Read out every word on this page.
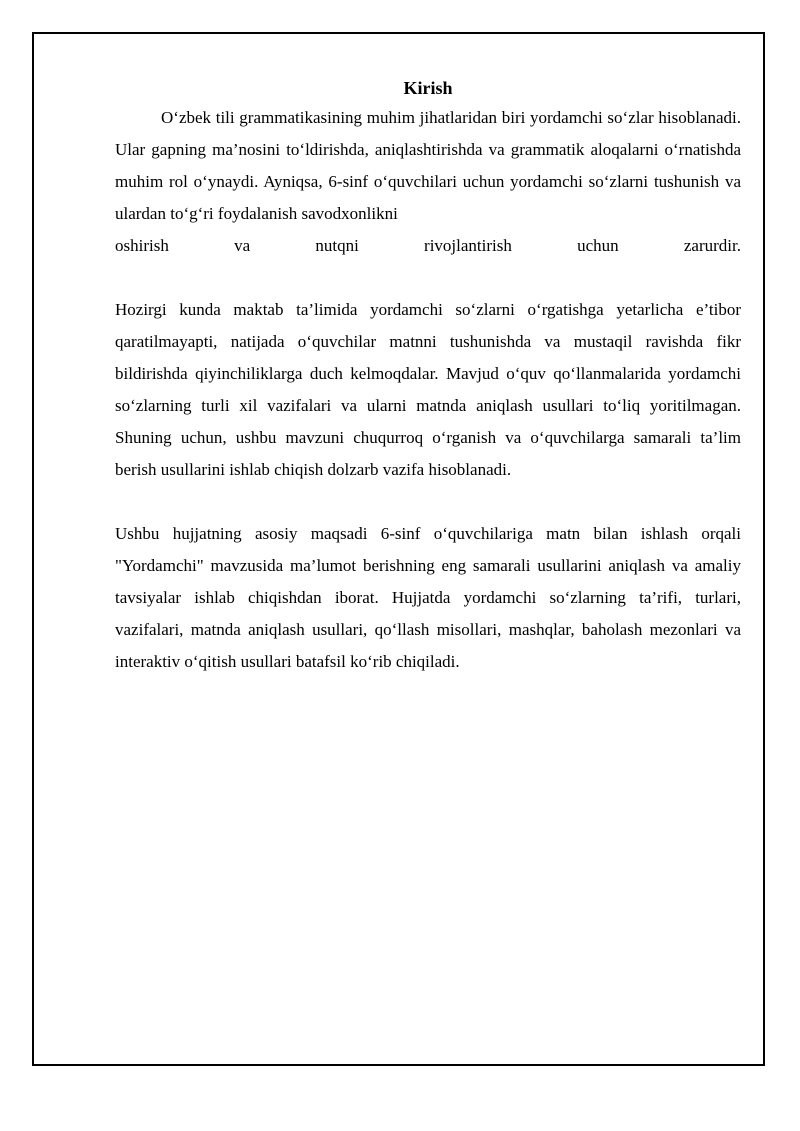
Kirish

O‘zbek tili grammatikasining muhim jihatlaridan biri yordamchi so‘zlar hisoblanadi. Ular gapning ma’nosini to‘ldirishda, aniqlashtirishda va grammatik aloqalarni o‘rnatishda muhim rol o‘ynaydi. Ayniqsa, 6-sinf o‘quvchilari uchun yordamchi so‘zlarni tushunish va ulardan to‘g‘ri foydalanish savodxonlikni

oshirish va nutqni rivojlantirish uchun zarurdir.

Hozirgi kunda maktab ta’limida yordamchi so‘zlarni o‘rgatishga yetarlicha e’tibor qaratilmayapti, natijada o‘quvchilar matnni tushunishda va mustaqil ravishda fikr bildirishda qiyinchiliklarga duch kelmoqdalar. Mavjud o‘quv qo‘llanmalarida yordamchi so‘zlarning turli xil vazifalari va ularni matnda aniqlash usullari to‘liq yoritilmagan. Shuning uchun, ushbu mavzuni chuqurroq o‘rganish va o‘quvchilarga samarali ta’lim berish usullarini ishlab chiqish dolzarb vazifa hisoblanadi.

Ushbu hujjatning asosiy maqsadi 6-sinf o‘quvchilariga matn bilan ishlash orqali "Yordamchi" mavzusida ma’lumot berishning eng samarali usullarini aniqlash va amaliy tavsiyalar ishlab chiqishdan iborat. Hujjatda yordamchi so‘zlarning ta’rifi, turlari, vazifalari, matnda aniqlash usullari, qo‘llash misollari, mashqlar, baholash mezonlari va interaktiv o‘qitish usullari batafsil ko‘rib chiqiladi.
